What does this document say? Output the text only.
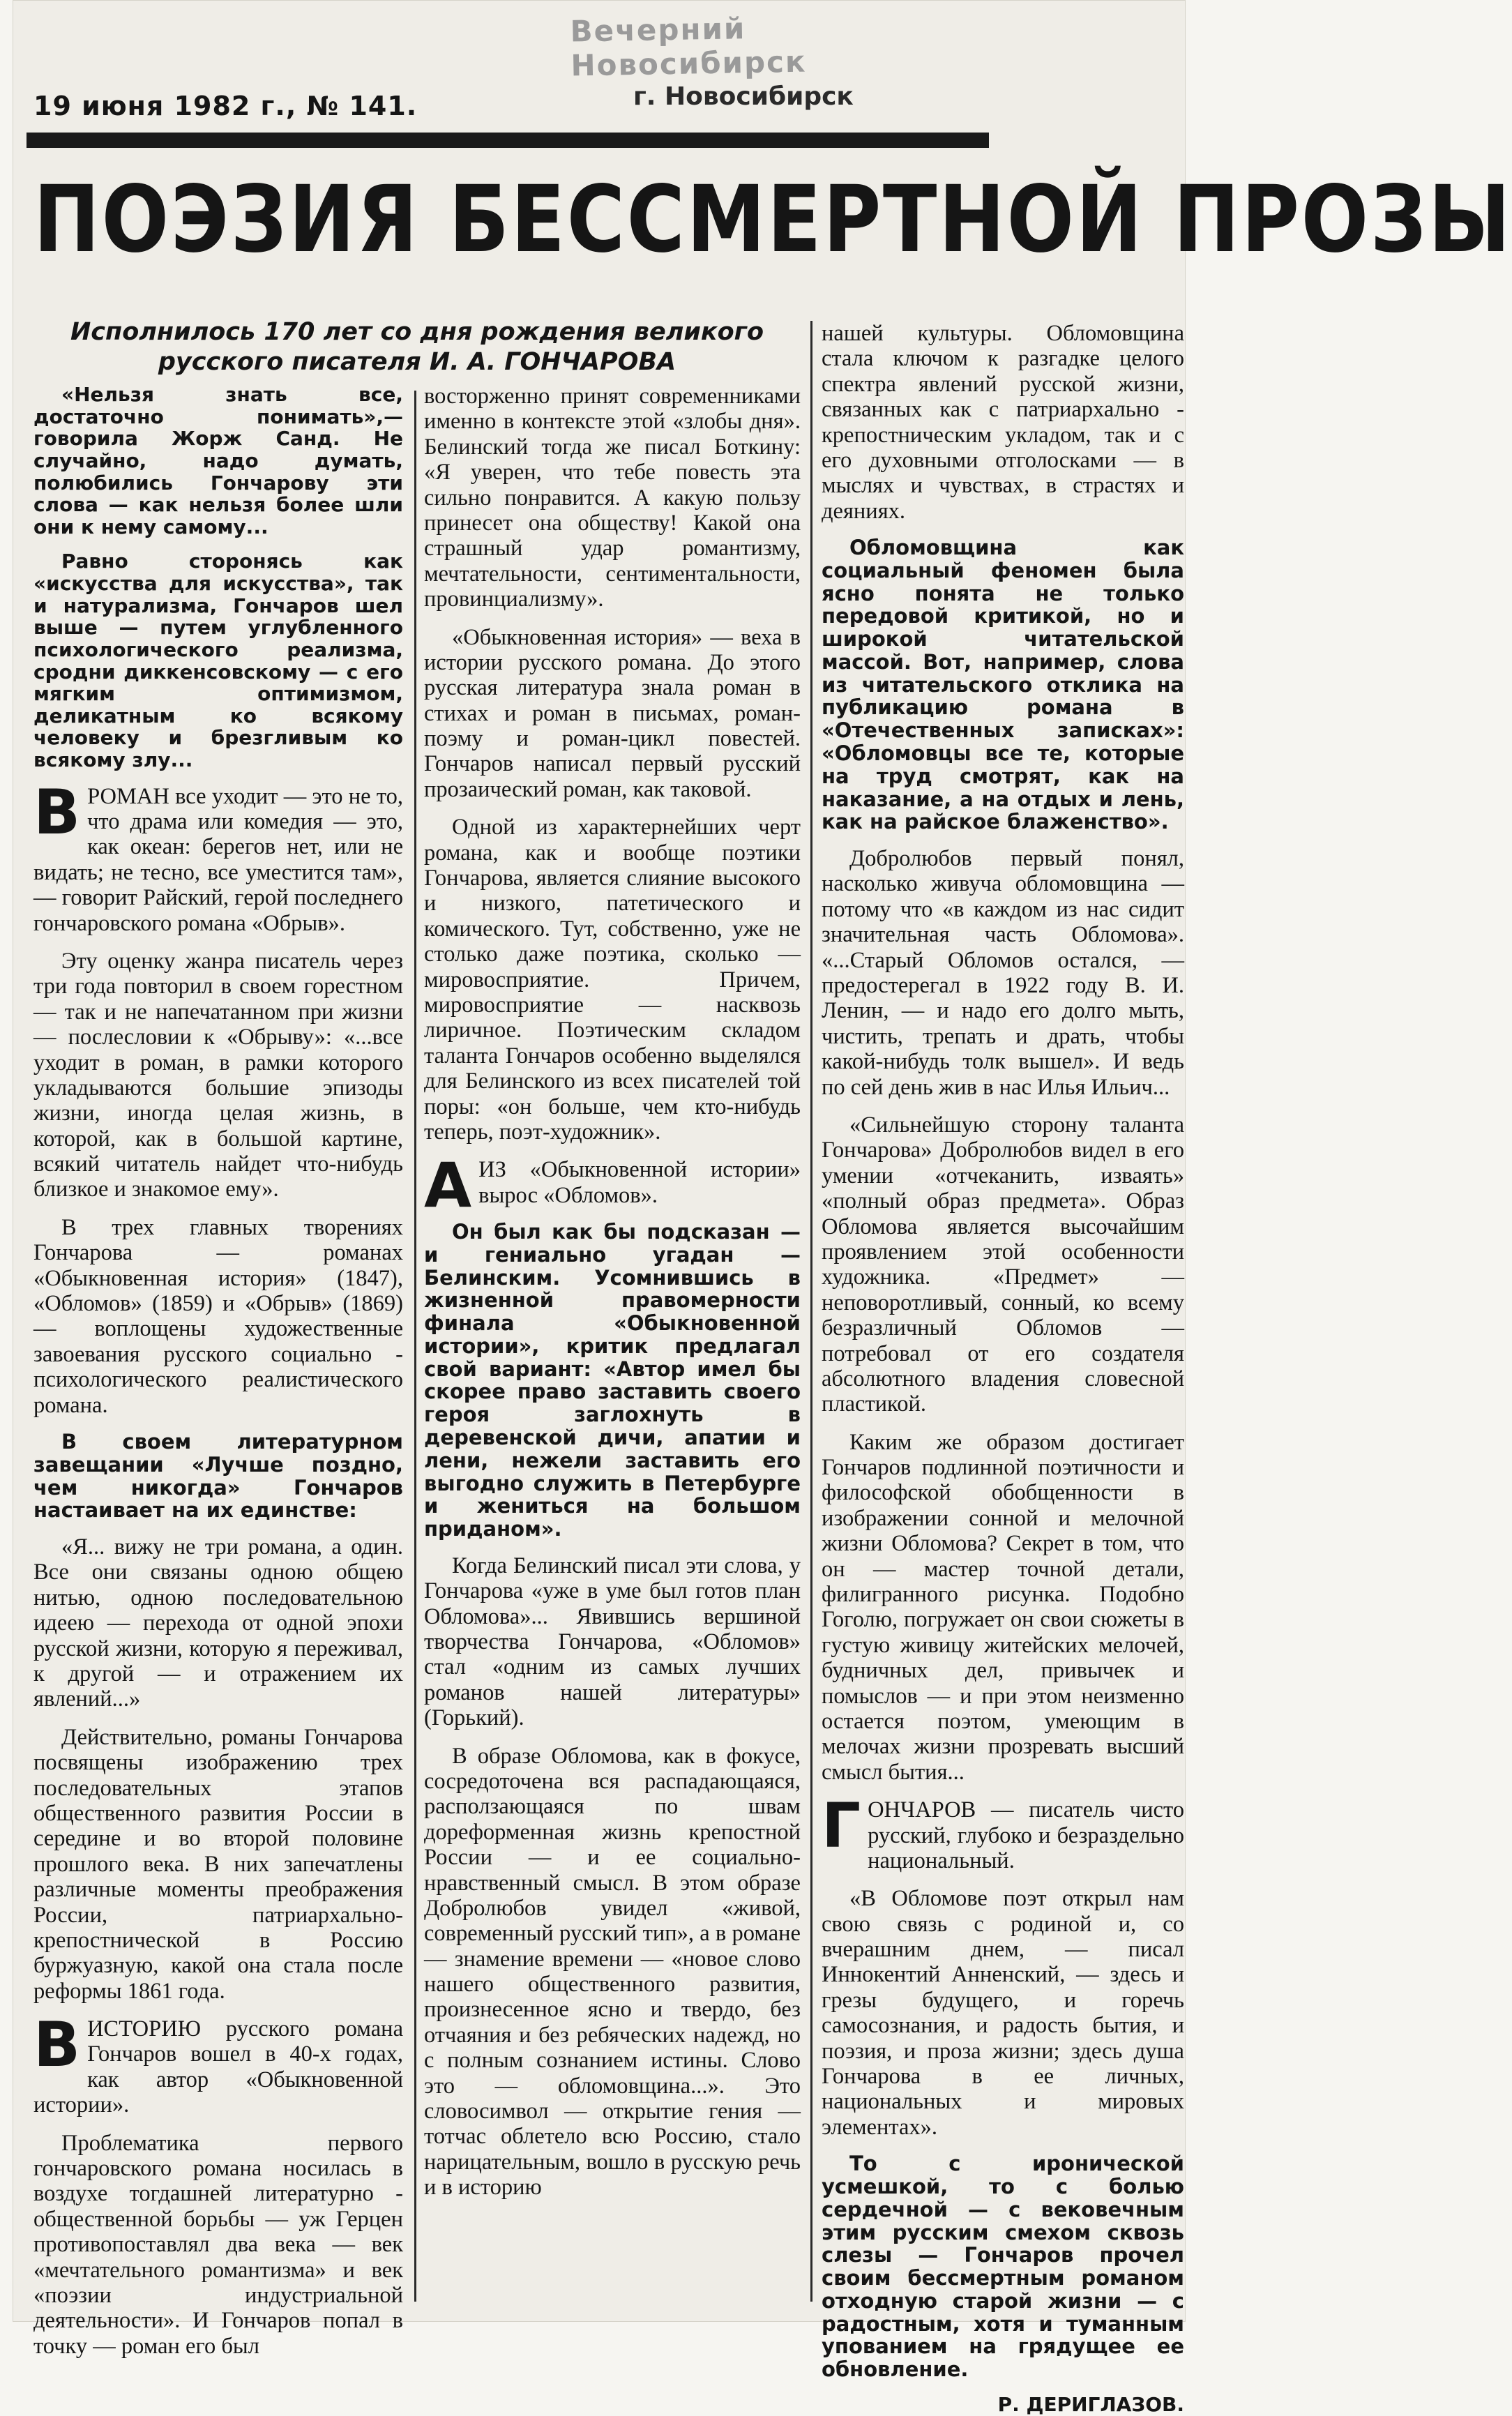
Вечерний Новосибирск
г. Новосибирск
19 июня 1982 г., № 141.
ПОЭЗИЯ БЕССМЕРТНОЙ ПРОЗЫ

«Нельзя знать все, достаточно понимать»,— говорила Жорж Санд. Не случайно, надо думать, полюбились Гончарову эти слова — как нельзя более шли они к нему самому...

Равно сторонясь как «искусства для искусства», так и натурализма, Гончаров шел выше — путем углубленного психологического реализма, сродни диккенсовскому — с его мягким оптимизмом, деликатным ко всякому человеку и брезгливым ко всякому злу...

ВРОМАН все уходит — это не то, что драма или комедия — это, как океан: берегов нет, или не видать; не тесно, все уместится там», — говорит Райский, герой последнего гончаровского романа «Обрыв».

Эту оценку жанра писатель через три года повторил в своем горестном — так и не напечатанном при жизни — послесловии к «Обрыву»: «...все уходит в роман, в рамки которого укладываются большие эпизоды жизни, иногда целая жизнь, в которой, как в большой картине, всякий читатель найдет что-нибудь близкое и знакомое ему».

В трех главных творениях Гончарова — романах «Обыкновенная история» (1847), «Обломов» (1859) и «Обрыв» (1869) — воплощены художественные завоевания русского социально - психологического реалистического романа.

В своем литературном завещании «Лучше поздно, чем никогда» Гончаров настаивает на их единстве:

«Я... вижу не три романа, а один. Все они связаны одною общею нитью, одною последовательною идеею — перехода от одной эпохи русской жизни, которую я переживал, к другой — и отражением их явлений...»

Действительно, романы Гончарова посвящены изображению трех последовательных этапов общественного развития России в середине и во второй половине прошлого века. В них запечатлены различные моменты преображения России, патриархально-крепостнической в Россию буржуазную, какой она стала после реформы 1861 года.

ВИСТОРИЮ русского романа Гончаров вошел в 40-х годах, как автор «Обыкновенной истории».

Проблематика первого гончаровского романа носилась в воздухе тогдашней литературно - общественной борьбы — уж Герцен противопоставлял два века — век «мечтательного романтизма» и век «поэзии индустриальной деятельности». И Гончаров попал в точку — роман его был

Исполнилось 170 лет со дня рождения великого русского писателя И. А. ГОНЧАРОВА

восторженно принят современниками именно в контексте этой «злобы дня». Белинский тогда же писал Боткину: «Я уверен, что тебе повесть эта сильно понравится. А какую пользу принесет она обществу! Какой она страшный удар романтизму, мечтательности, сентиментальности, провинциализму».

«Обыкновенная история» — веха в истории русского романа. До этого русская литература знала роман в стихах и роман в письмах, роман-поэму и роман-цикл повестей. Гончаров написал первый русский прозаический роман, как таковой.

Одной из характернейших черт романа, как и вообще поэтики Гончарова, является слияние высокого и низкого, патетического и комического. Тут, собственно, уже не столько даже поэтика, сколько — мировосприятие. Причем, мировосприятие — насквозь лиричное. Поэтическим складом таланта Гончаров особенно выделялся для Белинского из всех писателей той поры: «он больше, чем кто-нибудь теперь, поэт-художник».

АИЗ «Обыкновенной истории» вырос «Обломов».

Он был как бы подсказан — и гениально угадан — Белинским. Усомнившись в жизненной правомерности финала «Обыкновенной истории», критик предлагал свой вариант: «Автор имел бы скорее право заставить своего героя заглохнуть в деревенской дичи, апатии и лени, нежели заставить его выгодно служить в Петербурге и жениться на большом приданом».

Когда Белинский писал эти слова, у Гончарова «уже в уме был готов план Обломова»... Явившись вершиной творчества Гончарова, «Обломов» стал «одним из самых лучших романов нашей литературы» (Горький).

В образе Обломова, как в фокусе, сосредоточена вся распадающаяся, расползающаяся по швам дореформенная жизнь крепостной России — и ее социально-нравственный смысл. В этом образе Добролюбов увидел «живой, современный русский тип», а в романе — знамение времени — «новое слово нашего общественного развития, произнесенное ясно и твердо, без отчаяния и без ребяческих надежд, но с полным сознанием истины. Слово это — обломовщина...». Это словосимвол — открытие гения — тотчас облетело всю Россию, стало нарицательным, вошло в русскую речь и в историю

нашей культуры. Обломовщина стала ключом к разгадке целого спектра явлений русской жизни, связанных как с патриархально - крепостническим укладом, так и с его духовными отголосками — в мыслях и чувствах, в страстях и деяниях.

Обломовщина как социальный феномен была ясно понята не только передовой критикой, но и широкой читательской массой. Вот, например, слова из читательского отклика на публикацию романа в «Отечественных записках»: «Обломовцы все те, которые на труд смотрят, как на наказание, а на отдых и лень, как на райское блаженство».

Добролюбов первый понял, насколько живуча обломовщина — потому что «в каждом из нас сидит значительная часть Обломова». «...Старый Обломов остался, — предостерегал в 1922 году В. И. Ленин, — и надо его долго мыть, чистить, трепать и драть, чтобы какой-нибудь толк вышел». И ведь по сей день жив в нас Илья Ильич...

«Сильнейшую сторону таланта Гончарова» Добролюбов видел в его умении «отчеканить, изваять» «полный образ предмета». Образ Обломова является высочайшим проявлением этой особенности художника. «Предмет» — неповоротливый, сонный, ко всему безразличный Обломов — потребовал от его создателя абсолютного владения словесной пластикой.

Каким же образом достигает Гончаров подлинной поэтичности и философской обобщенности в изображении сонной и мелочной жизни Обломова? Секрет в том, что он — мастер точной детали, филигранного рисунка. Подобно Гоголю, погружает он свои сюжеты в густую живицу житейских мелочей, будничных дел, привычек и помыслов — и при этом неизменно остается поэтом, умеющим в мелочах жизни прозревать высший смысл бытия...

ГОНЧАРОВ — писатель чисто русский, глубоко и безраздельно национальный.

«В Обломове поэт открыл нам свою связь с родиной и, со вчерашним днем, — писал Иннокентий Анненский, — здесь и грезы будущего, и горечь самосознания, и радость бытия, и поэзия, и проза жизни; здесь душа Гончарова в ее личных, национальных и мировых элементах».

То с иронической усмешкой, то с болью сердечной — с вековечным этим русским смехом сквозь слезы — Гончаров прочел своим бессмертным романом отходную старой жизни — с радостным, хотя и туманным упованием на грядущее ее обновление.

Р. ДЕРИГЛАЗОВ.
